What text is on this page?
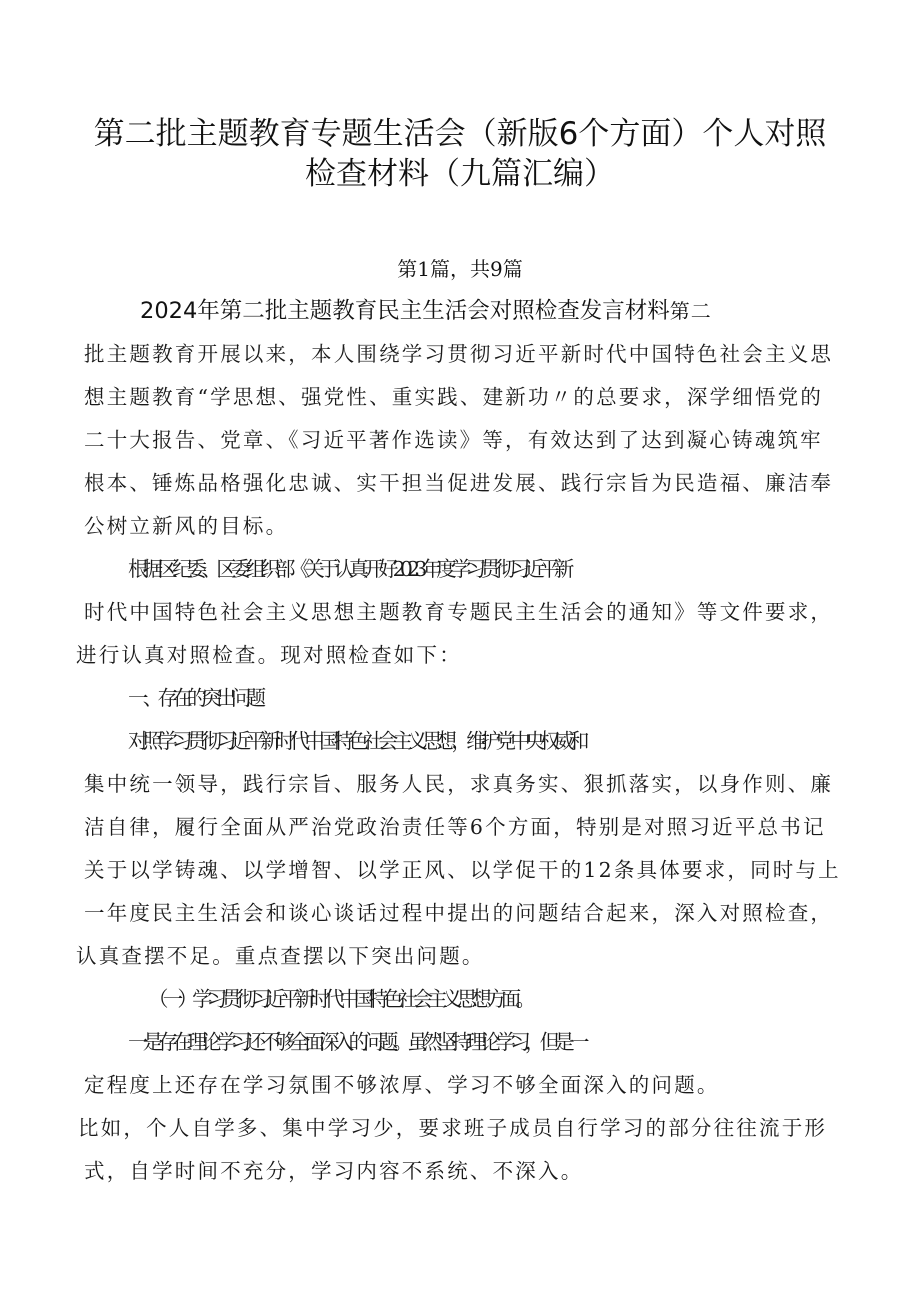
第二批主题教育专题生活会（新版6个方面）个人对照
检查材料（九篇汇编）
第1篇，共9篇
2024年第二批主题教育民主生活会对照检查发言材料第二
批主题教育开展以来，本人围绕学习贯彻习近平新时代中国特色社会主义思
想主题教育“学思想、强党性、重实践、建新功〃的总要求，深学细悟党的
二十大报告、党章、《习近平著作选读》等，有效达到了达到凝心铸魂筑牢
根本、锤炼品格强化忠诚、实干担当促进发展、践行宗旨为民造福、廉洁奉
公树立新风的目标。
根据区纪委、区委组织部《关于认真开好2023年度学习贯彻习近平新
时代中国特色社会主义思想主题教育专题民主生活会的通知》等文件要求，
进行认真对照检查。现对照检查如下：
一、存在的突出问题
对照学习贯彻习近平新时代中国特色社会主义思想，维护党中央权威和
集中统一领导，践行宗旨、服务人民，求真务实、狠抓落实，以身作则、廉
洁自律，履行全面从严治党政治责任等6个方面，特别是对照习近平总书记
关于以学铸魂、以学增智、以学正风、以学促干的12条具体要求，同时与上
一年度民主生活会和谈心谈话过程中提出的问题结合起来，深入对照检查，
认真查摆不足。重点查摆以下突出问题。
（一）学习贯彻习近平新时代中国特色社会主义思想方面。
一是存在理论学习还不够全面深入的问题。虽然坚持理论学习，但是一
定程度上还存在学习氛围不够浓厚、学习不够全面深入的问题。
比如，个人自学多、集中学习少，要求班子成员自行学习的部分往往流于形
式，自学时间不充分，学习内容不系统、不深入。
